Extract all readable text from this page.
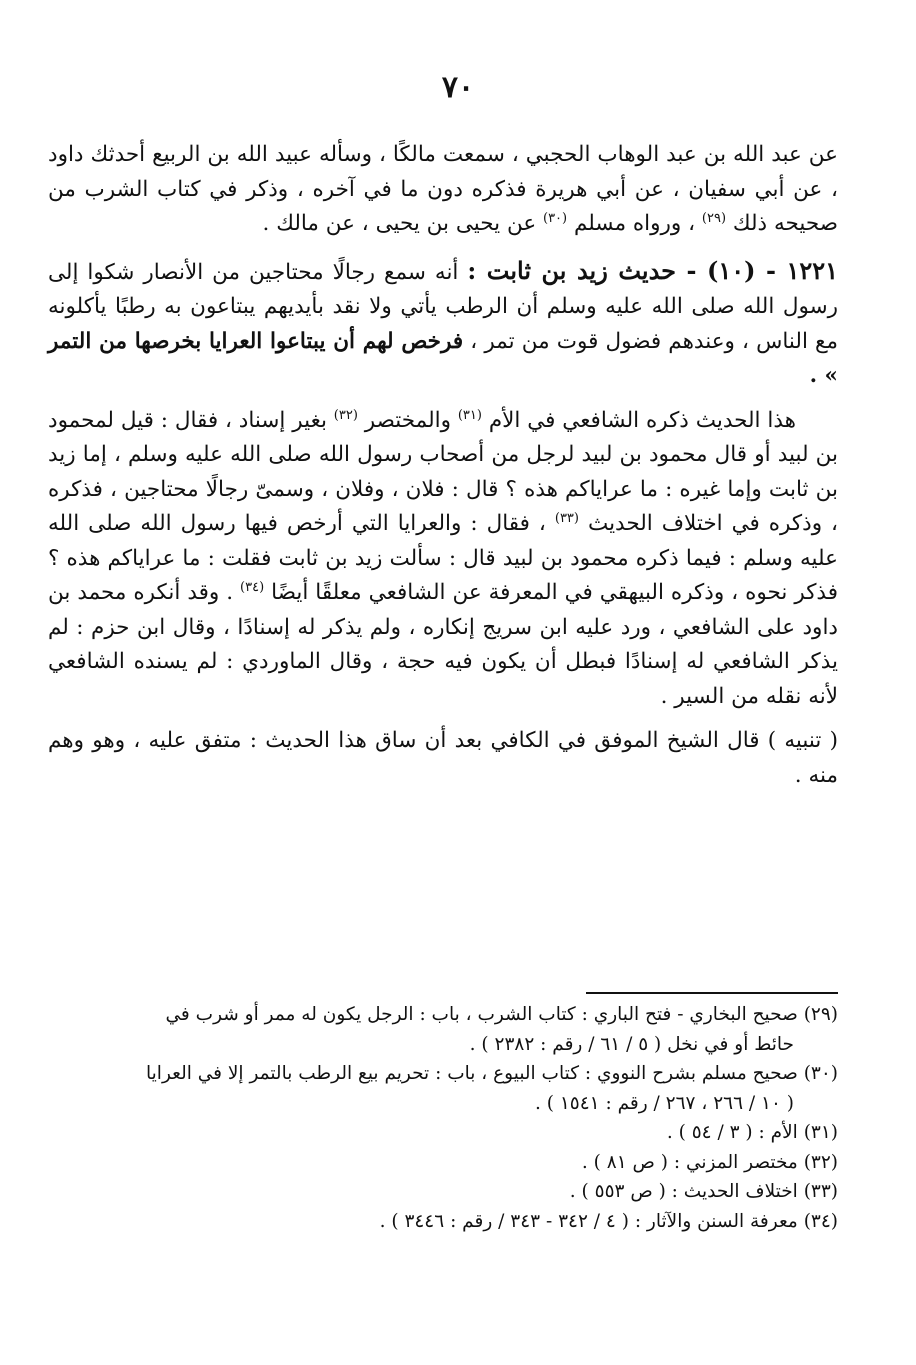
٧٠

عن عبد الله بن عبد الوهاب الحجبي ، سمعت مالكًا ، وسأله عبيد الله بن الربيع أحدثك داود ، عن أبي سفيان ، عن أبي هريرة فذكره دون ما في آخره ، وذكر في كتاب الشرب من صحيحه ذلك $^{(٢٩)}$ ، ورواه مسلم $^{(٣٠)}$ عن يحيى بن يحيى ، عن مالك .

١٢٢١ - (١٠) - حديث زيد بن ثابت : أنه سمع رجالًا محتاجين من الأنصار شكوا إلى رسول الله صلى الله عليه وسلم أن الرطب يأتي ولا نقد بأيديهم يبتاعون به رطبًا يأكلونه مع الناس ، وعندهم فضول قوت من تمر ، فرخص لهم أن يبتاعوا العرايا بخرصها من التمر » .

هذا الحديث ذكره الشافعي في الأم $^{(٣١)}$ والمختصر $^{(٣٢)}$ بغير إسناد ، فقال : قيل لمحمود بن لبيد أو قال محمود بن لبيد لرجل من أصحاب رسول الله صلى الله عليه وسلم ، إما زيد بن ثابت وإما غيره : ما عراياكم هذه ؟ قال : فلان ، وفلان ، وسمىّ رجالًا محتاجين ، فذكره ، وذكره في اختلاف الحديث $^{(٣٣)}$ ، فقال : والعرايا التي أرخص فيها رسول الله صلى الله عليه وسلم : فيما ذكره محمود بن لبيد قال : سألت زيد بن ثابت فقلت : ما عراياكم هذه ؟ فذكر نحوه ، وذكره البيهقي في المعرفة عن الشافعي معلقًا أيضًا $^{(٣٤)}$ . وقد أنكره محمد بن داود على الشافعي ، ورد عليه ابن سريج إنكاره ، ولم يذكر له إسنادًا ، وقال ابن حزم : لم يذكر الشافعي له إسنادًا فبطل أن يكون فيه حجة ، وقال الماوردي : لم يسنده الشافعي لأنه نقله من السير .

( تنبيه ) قال الشيخ الموفق في الكافي بعد أن ساق هذا الحديث : متفق عليه ، وهو وهم منه .

(٢٩) صحيح البخاري - فتح الباري : كتاب الشرب ، باب : الرجل يكون له ممر أو شرب في
حائط أو في نخل ( ٥ / ٦١ / رقم : ٢٣٨٢ ) .

(٣٠) صحيح مسلم بشرح النووي : كتاب البيوع ، باب : تحريم بيع الرطب بالتمر إلا في العرايا
( ١٠ / ٢٦٦ ، ٢٦٧ / رقم : ١٥٤١ ) .

(٣١) الأم : ( ٣ / ٥٤ ) .

(٣٢) مختصر المزني : ( ص ٨١ ) .

(٣٣) اختلاف الحديث : ( ص ٥٥٣ ) .

(٣٤) معرفة السنن والآثار : ( ٤ / ٣٤٢ - ٣٤٣ / رقم : ٣٤٤٦ ) .
